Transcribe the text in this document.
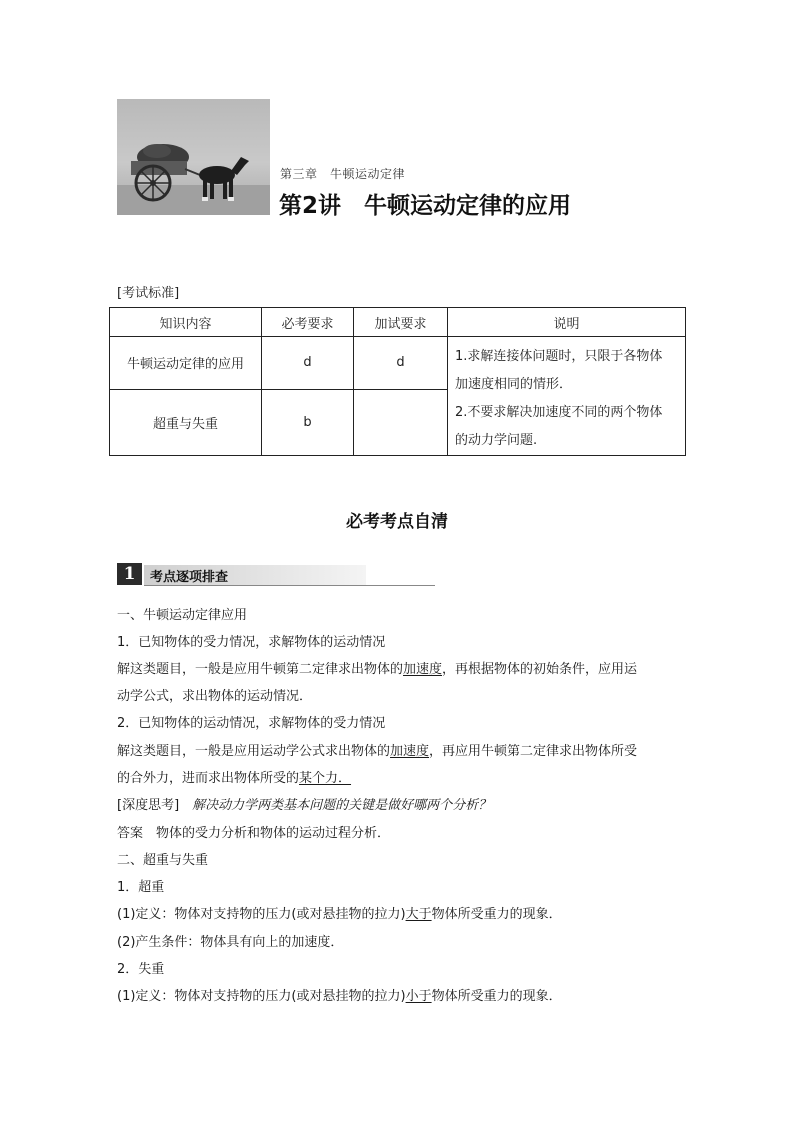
第三章　牛顿运动定律
第2讲　牛顿运动定律的应用
[考试标准]
知识内容	必考要求	加试要求	说明
牛顿运动定律的应用	d	d	1.求解连接体问题时，只限于各物体
加速度相同的情形．
2.不要求解决加速度不同的两个物体
的动力学问题.

超重与失重	b		
必考考点自清
1	考点逐项排查
一、牛顿运动定律应用
1．已知物体的受力情况，求解物体的运动情况
解这类题目，一般是应用牛顿第二定律求出物体的加速度，再根据物体的初始条件，应用运
动学公式，求出物体的运动情况．
2．已知物体的运动情况，求解物体的受力情况
解这类题目，一般是应用运动学公式求出物体的加速度，再应用牛顿第二定律求出物体所受
的合外力，进而求出物体所受的某个力．
[深度思考]　解决动力学两类基本问题的关键是做好哪两个分析？
答案　物体的受力分析和物体的运动过程分析．
二、超重与失重
1．超重
(1)定义：物体对支持物的压力(或对悬挂物的拉力)大于物体所受重力的现象．
(2)产生条件：物体具有向上的加速度．
2．失重
(1)定义：物体对支持物的压力(或对悬挂物的拉力)小于物体所受重力的现象．
